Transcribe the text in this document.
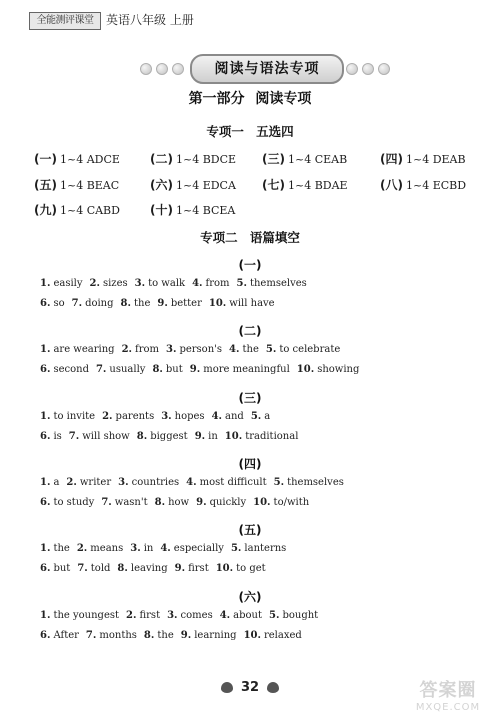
全能测评课堂	英语八年级 上册
阅读与语法专项
第一部分 阅读专项
专项一 五选四
(一) 1~4 ADCE	(二) 1~4 BDCE (三) 1~4 CEAB	(四) 1~4 DEAB
(五) 1~4 BEAC	(六) 1~4 EDCA (七) 1~4 BDAE	(八) 1~4 ECBD
(九) 1~4 CABD	(十) 1~4 BCEA
专项二 语篇填空
(一)
1. easily 2. sizes 3. to walk 4. from 5. themselves
6. so 7. doing 8. the 9. better 10. will have
(二)
1. are wearing 2. from 3. person's 4. the 5. to celebrate
6. second 7. usually 8. but 9. more meaningful 10. showing
(三)
1. to invite 2. parents 3. hopes 4. and 5. a
6. is 7. will show 8. biggest 9. in 10. traditional
(四)
1. a 2. writer 3. countries 4. most difficult 5. themselves
6. to study 7. wasn't 8. how 9. quickly 10. to/with
(五)
1. the 2. means 3. in 4. especially 5. lanterns
6. but 7. told 8. leaving 9. first 10. to get
(六)
1. the youngest 2. first 3. comes 4. about 5. bought
6. After 7. months 8. the 9. learning 10. relaxed
32	答案圈
MXQE.COM
